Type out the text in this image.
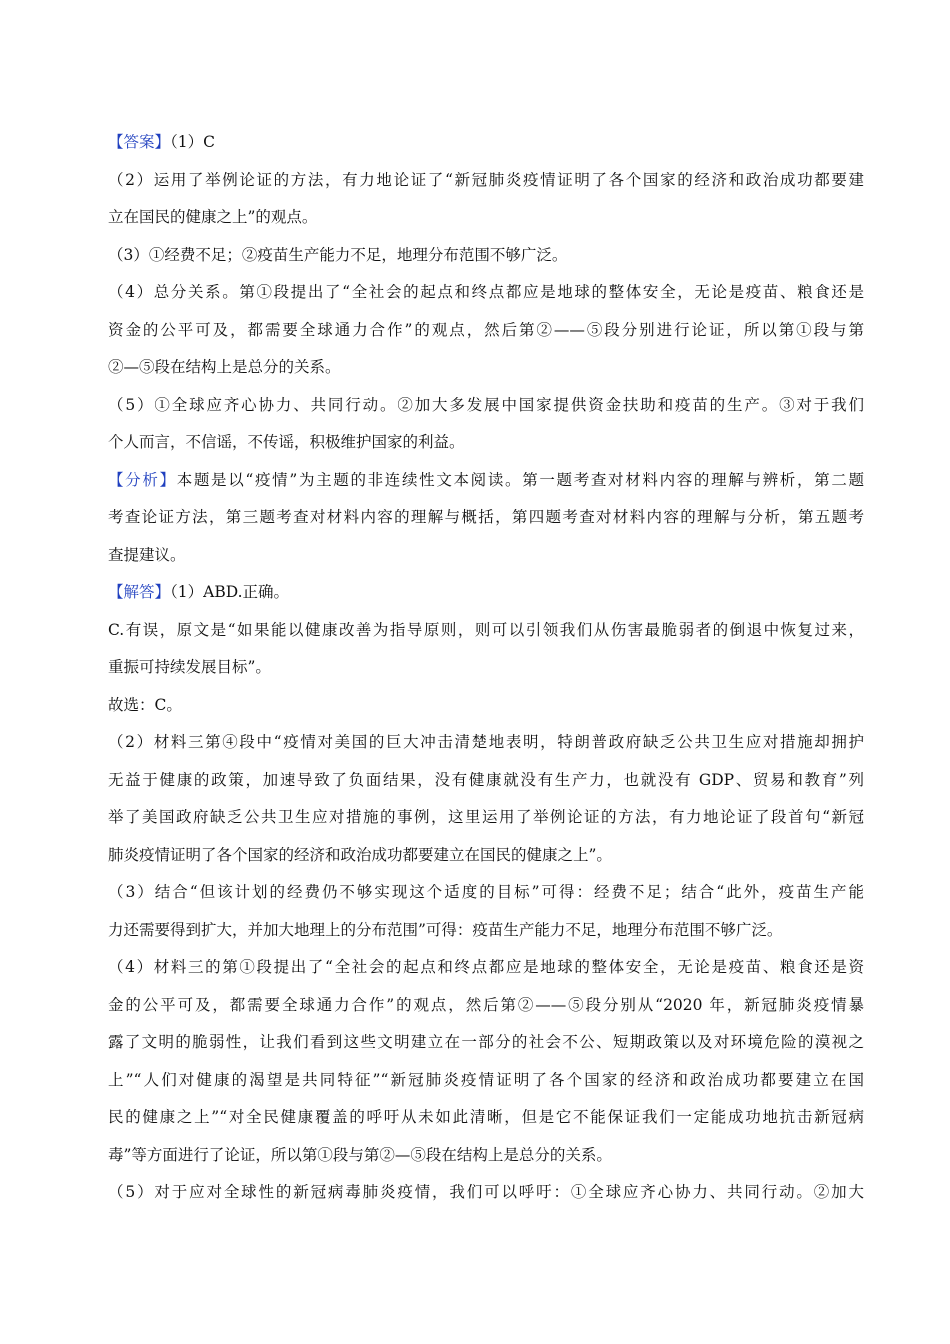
【答案】（1）C
（2）运用了举例论证的方法，有力地论证了“新冠肺炎疫情证明了各个国家的经济和政治成功都要建
立在国民的健康之上”的观点。
（3）①经费不足；②疫苗生产能力不足，地理分布范围不够广泛。
（4）总分关系。第①段提出了“全社会的起点和终点都应是地球的整体安全，无论是疫苗、粮食还是
资金的公平可及，都需要全球通力合作”的观点，然后第②——⑤段分别进行论证，所以第①段与第
②—⑤段在结构上是总分的关系。
（5）①全球应齐心协力、共同行动。②加大多发展中国家提供资金扶助和疫苗的生产。③对于我们
个人而言，不信谣，不传谣，积极维护国家的利益。
【分析】本题是以“疫情”为主题的非连续性文本阅读。第一题考查对材料内容的理解与辨析，第二题
考查论证方法，第三题考查对材料内容的理解与概括，第四题考查对材料内容的理解与分析，第五题考
查提建议。
【解答】（1）ABD.正确。
C.有误，原文是“如果能以健康改善为指导原则，则可以引领我们从伤害最脆弱者的倒退中恢复过来，
重振可持续发展目标”。
故选：C。
（2）材料三第④段中“疫情对美国的巨大冲击清楚地表明，特朗普政府缺乏公共卫生应对措施却拥护
无益于健康的政策，加速导致了负面结果，没有健康就没有生产力，也就没有 GDP、贸易和教育”列
举了美国政府缺乏公共卫生应对措施的事例，这里运用了举例论证的方法，有力地论证了段首句“新冠
肺炎疫情证明了各个国家的经济和政治成功都要建立在国民的健康之上”。
（3）结合“但该计划的经费仍不够实现这个适度的目标”可得：经费不足；结合“此外，疫苗生产能
力还需要得到扩大，并加大地理上的分布范围”可得：疫苗生产能力不足，地理分布范围不够广泛。
（4）材料三的第①段提出了“全社会的起点和终点都应是地球的整体安全，无论是疫苗、粮食还是资
金的公平可及，都需要全球通力合作”的观点，然后第②——⑤段分别从“2020 年，新冠肺炎疫情暴
露了文明的脆弱性，让我们看到这些文明建立在一部分的社会不公、短期政策以及对环境危险的漠视之
上”“人们对健康的渴望是共同特征”“新冠肺炎疫情证明了各个国家的经济和政治成功都要建立在国
民的健康之上”“对全民健康覆盖的呼吁从未如此清晰，但是它不能保证我们一定能成功地抗击新冠病
毒”等方面进行了论证，所以第①段与第②—⑤段在结构上是总分的关系。
（5）对于应对全球性的新冠病毒肺炎疫情，我们可以呼吁：①全球应齐心协力、共同行动。②加大
